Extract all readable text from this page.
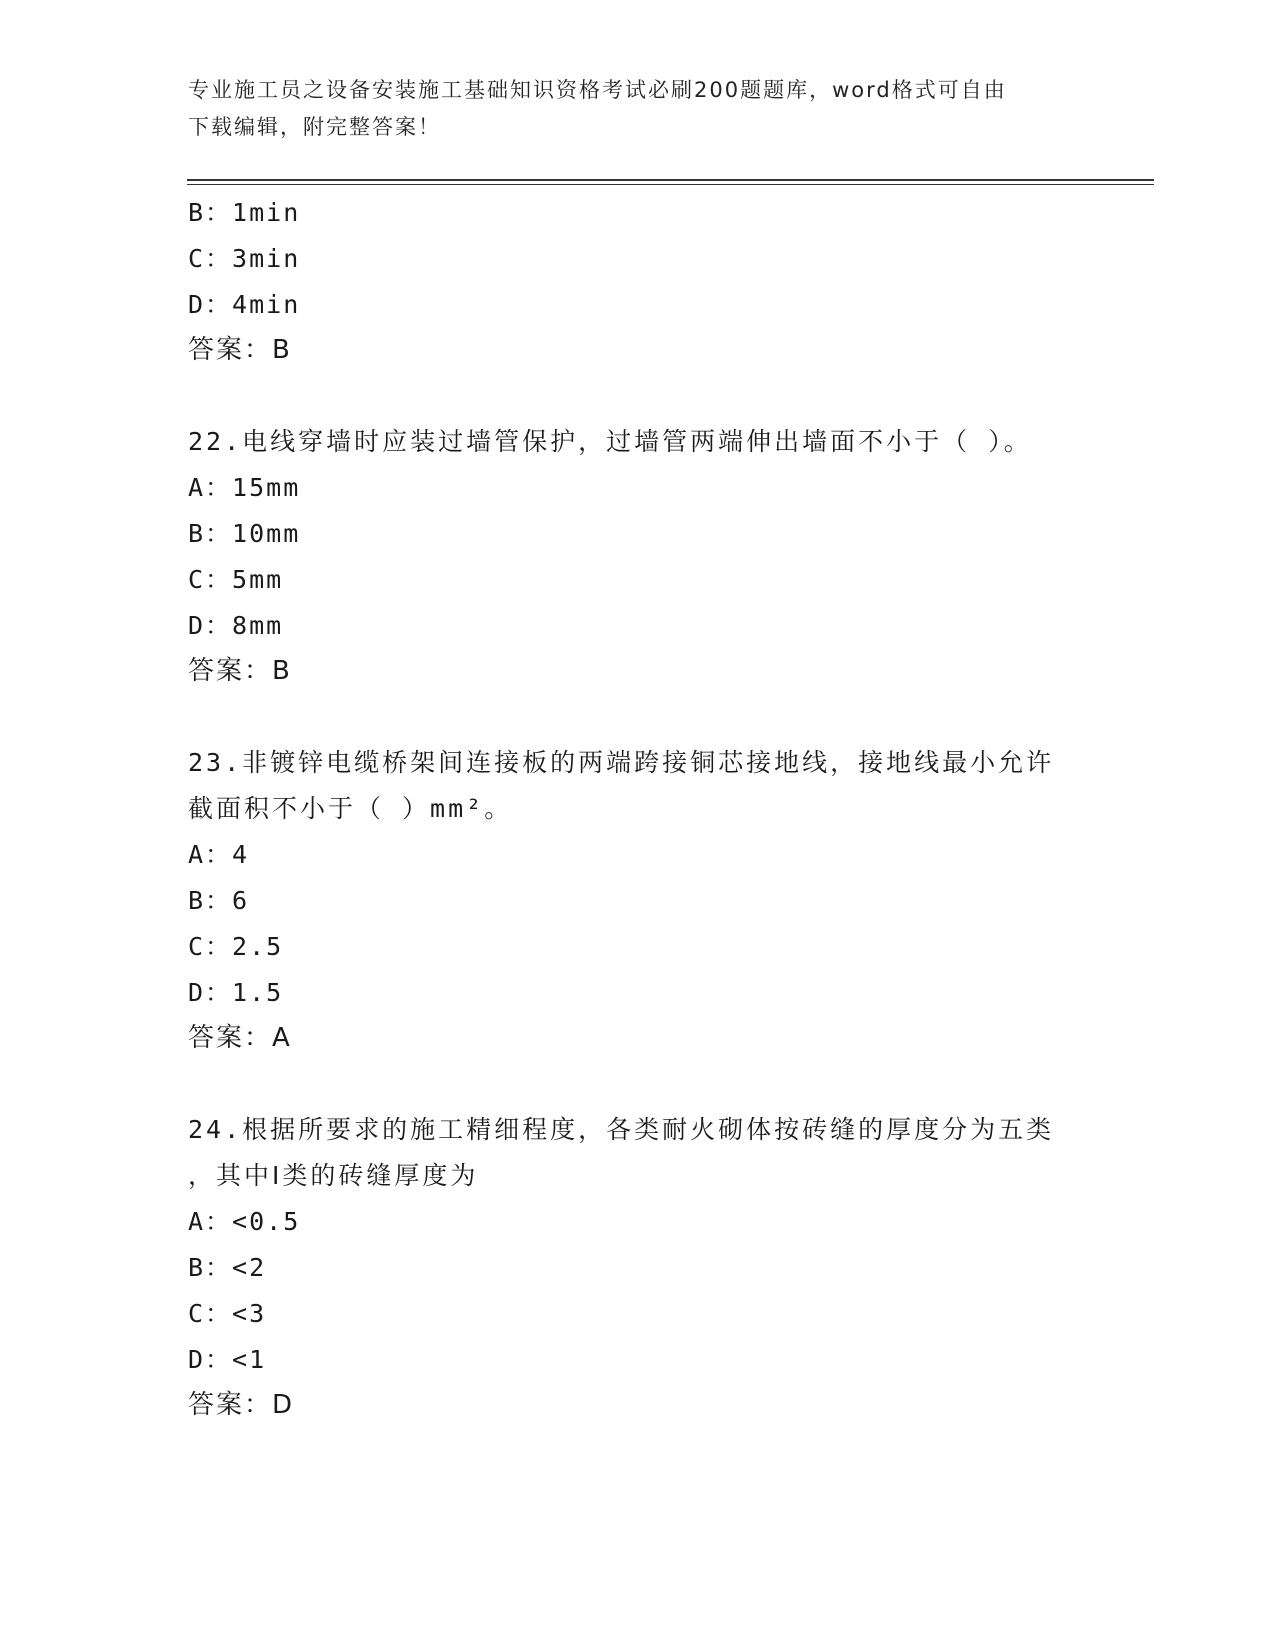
专业施工员之设备安装施工基础知识资格考试必刷200题题库，word格式可自由
下载编辑，附完整答案！
B：1min
C：3min
D：4min
答案：B
22.电线穿墙时应装过墙管保护，过墙管两端伸出墙面不小于（ ）。
A：15mm
B：10mm
C：5mm
D：8mm
答案：B
23.非镀锌电缆桥架间连接板的两端跨接铜芯接地线，接地线最小允许
截面积不小于（ ）mm²。
A：4
B：6
C：2.5
D：1.5
答案：A
24.根据所要求的施工精细程度，各类耐火砌体按砖缝的厚度分为五类
，其中Ⅰ类的砖缝厚度为
A：<0.5
B：<2
C：<3
D：<1
答案：D
